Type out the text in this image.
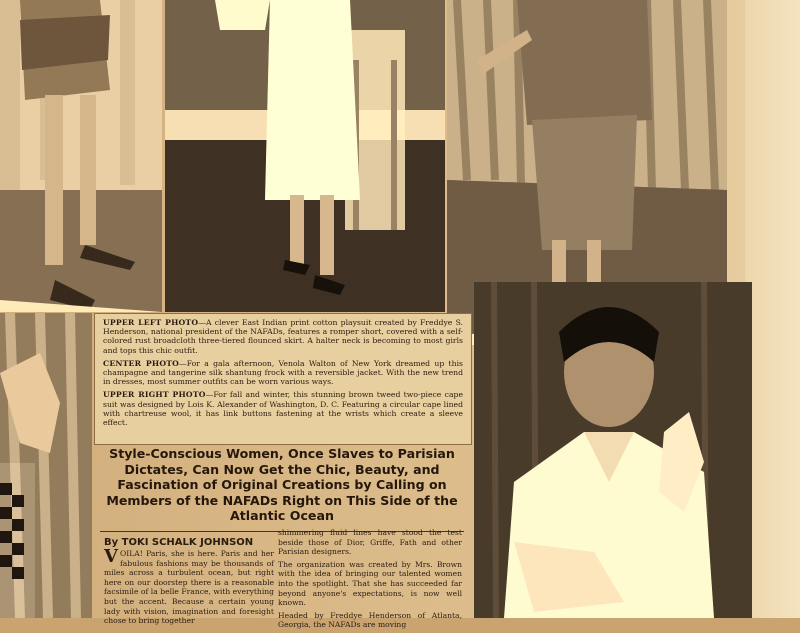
UPPER LEFT PHOTO—A clever East Indian print cotton playsuit created by Freddye S. Henderson, national president of the NAFADs, features a romper short, covered with a self-colored rust broadcloth three-tiered flounced skirt. A halter neck is becoming to most girls and tops this chic outfit.

CENTER PHOTO—For a gala afternoon, Venola Walton of New York dreamed up this champagne and tangerine silk shantung frock with a reversible jacket. With the new trend in dresses, most summer outfits can be worn various ways.

UPPER RIGHT PHOTO—For fall and winter, this stunning brown tweed two-piece cape suit was designed by Lois K. Alexander of Washington, D. C. Featuring a circular cape lined with chartreuse wool, it has link buttons fastening at the wrists which create a sleeve effect.

Style-Conscious Women, Once Slaves to Parisian Dictates, Can Now Get the Chic, Beauty, and Fascination of Original Creations by Calling on Members of the NAFADs Right on This Side of the Atlantic Ocean
By TOKI SCHALK JOHNSON
VOILA! Paris, she is here. Paris and her fabulous fashions may be thousands of miles across a turbulent ocean, but right here on our doorstep there is a reasonable facsimile of la belle France, with everything but the accent. Because a certain young lady with vision, imagination and foresight chose to bring together

shimmering fluid lines have stood the test beside those of Dior, Griffe, Fath and other Parisian designers.

The organization was created by Mrs. Brown with the idea of bringing our talented women into the spotlight. That she has succeeded far beyond anyone's expectations, is now well known.

Headed by Freddye Henderson of Atlanta, Georgia, the NAFADs are moving
